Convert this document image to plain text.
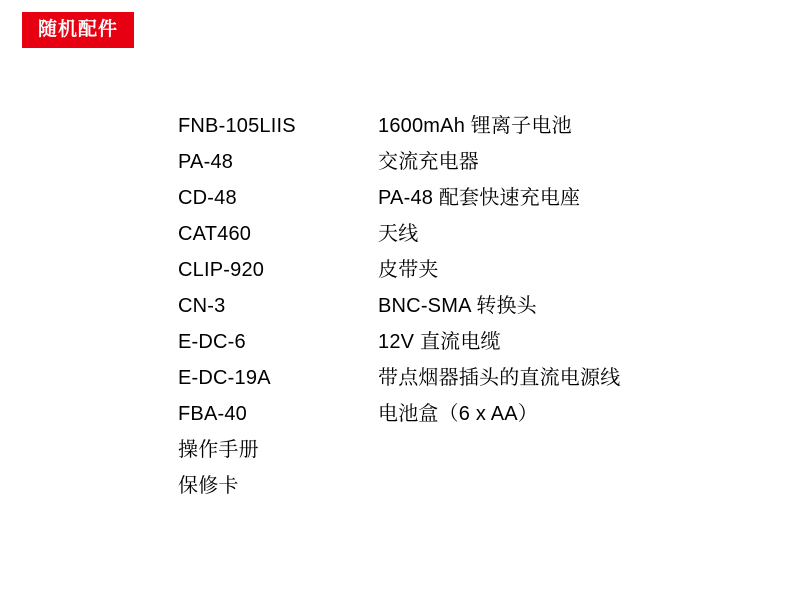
随机配件
FNB-105LIIS	1600mAh 锂离子电池
PA-48	交流充电器
CD-48	PA-48 配套快速充电座
CAT460	天线
CLIP-920	皮带夹
CN-3	BNC-SMA 转换头
E-DC-6	12V 直流电缆
E-DC-19A	带点烟器插头的直流电源线
FBA-40	电池盒（6 x AA）
操作手册
保修卡
